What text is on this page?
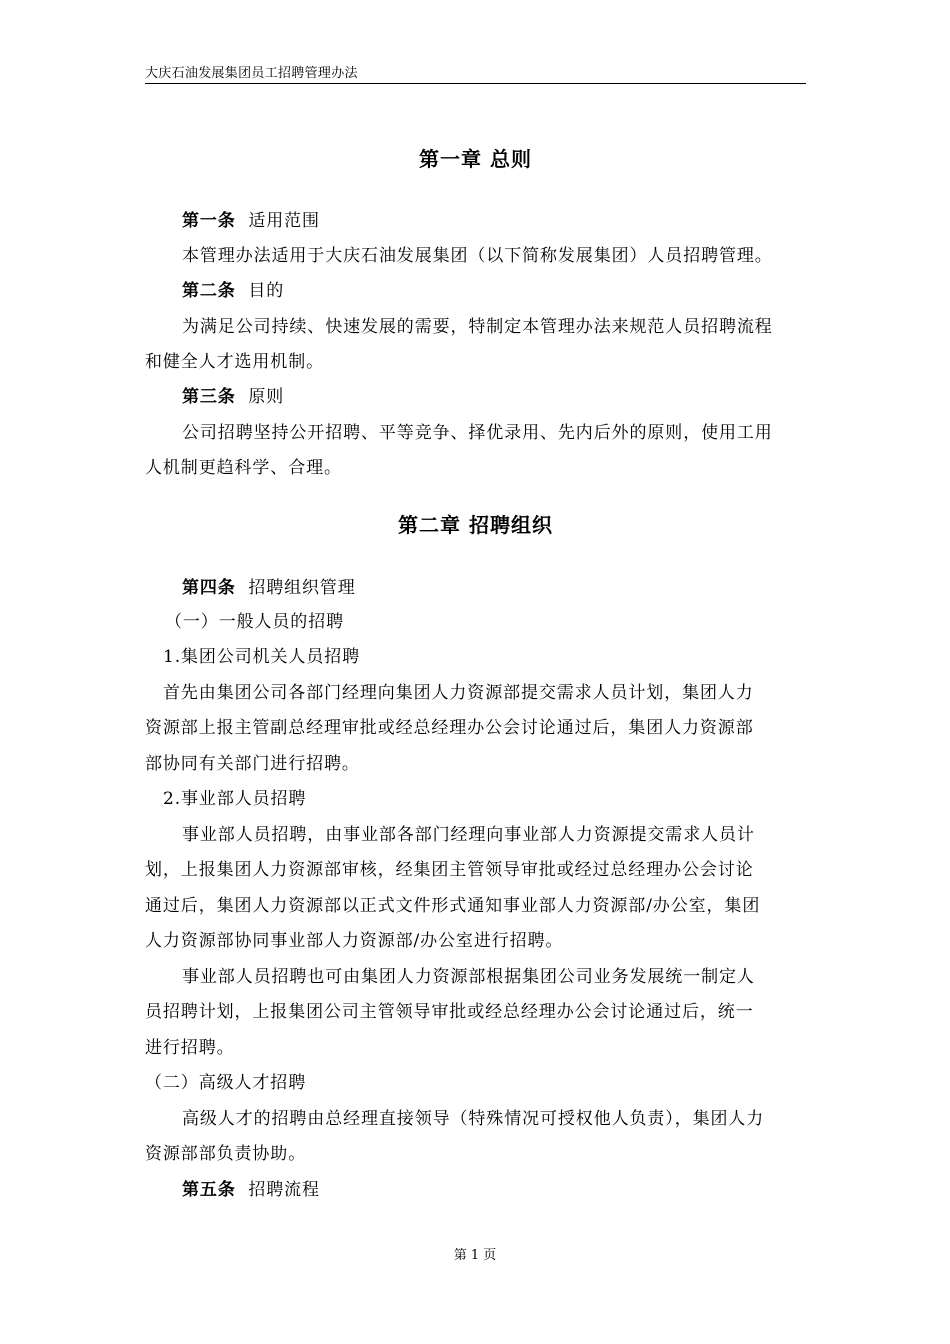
大庆石油发展集团员工招聘管理办法
第一章 总则
第一条 适用范围
本管理办法适用于大庆石油发展集团（以下简称发展集团）人员招聘管理。
第二条 目的
为满足公司持续、快速发展的需要，特制定本管理办法来规范人员招聘流程
和健全人才选用机制。
第三条 原则
公司招聘坚持公开招聘、平等竞争、择优录用、先内后外的原则，使用工用
人机制更趋科学、合理。
第二章 招聘组织
第四条 招聘组织管理
（一）一般人员的招聘
1.集团公司机关人员招聘
首先由集团公司各部门经理向集团人力资源部提交需求人员计划，集团人力
资源部上报主管副总经理审批或经总经理办公会讨论通过后，集团人力资源部
部协同有关部门进行招聘。
2.事业部人员招聘
事业部人员招聘，由事业部各部门经理向事业部人力资源提交需求人员计
划，上报集团人力资源部审核，经集团主管领导审批或经过总经理办公会讨论
通过后，集团人力资源部以正式文件形式通知事业部人力资源部/办公室，集团
人力资源部协同事业部人力资源部/办公室进行招聘。
事业部人员招聘也可由集团人力资源部根据集团公司业务发展统一制定人
员招聘计划，上报集团公司主管领导审批或经总经理办公会讨论通过后，统一
进行招聘。
（二）高级人才招聘
高级人才的招聘由总经理直接领导（特殊情况可授权他人负责），集团人力
资源部部负责协助。
第五条 招聘流程
第 1 页
